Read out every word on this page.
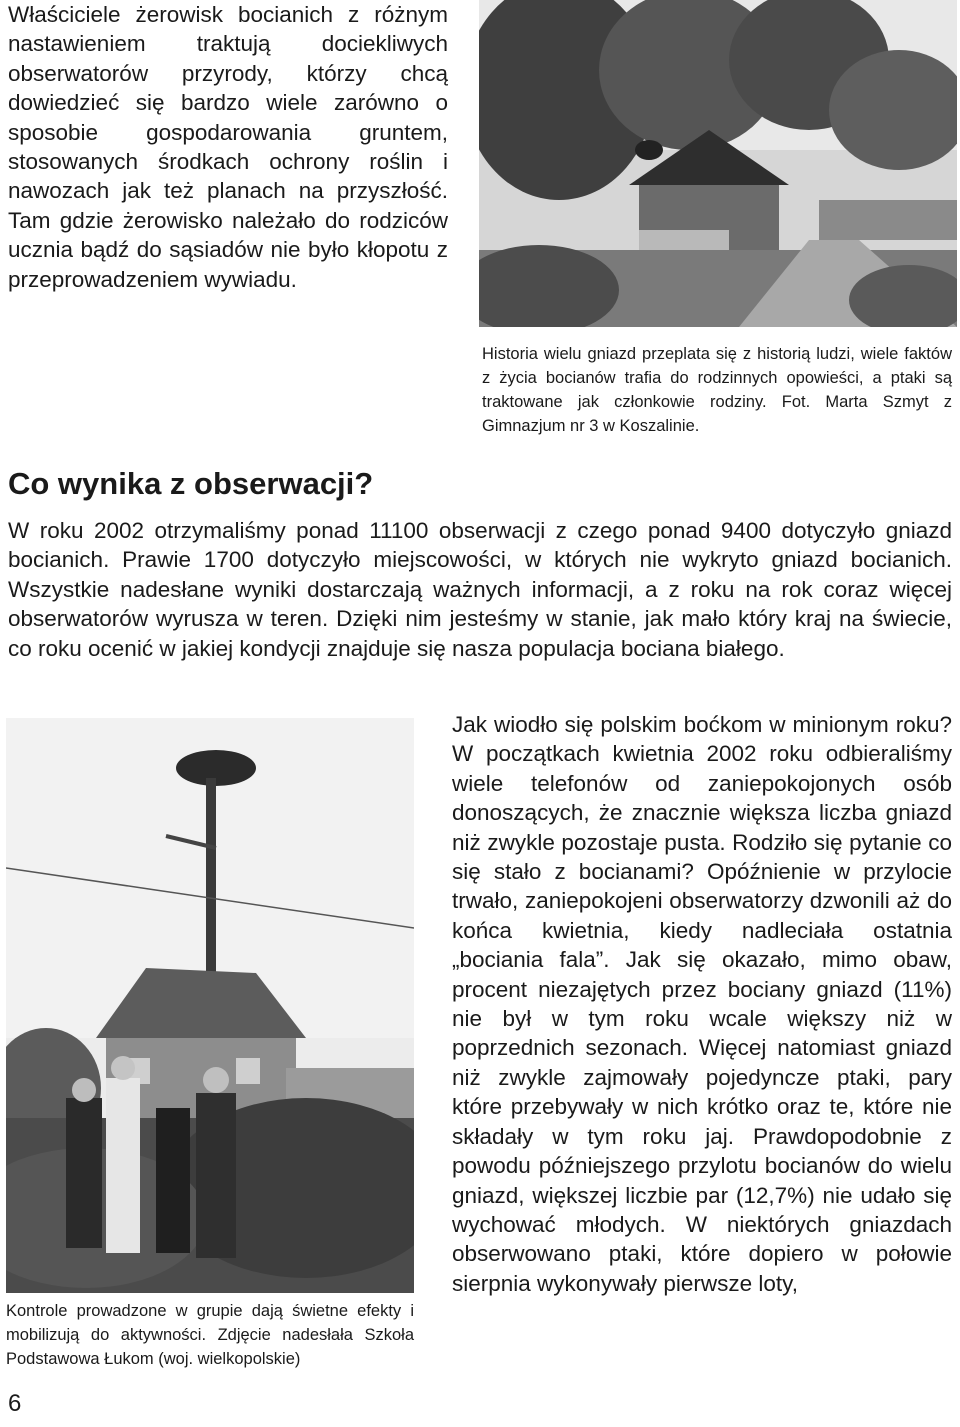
Właściciele żerowisk bocianich z różnym nastawieniem traktują dociekliwych obserwatorów przyrody, którzy chcą dowiedzieć się bardzo wiele zarówno o sposobie gospodarowania gruntem, stosowanych środkach ochrony roślin i nawozach jak też planach na przyszłość. Tam gdzie żerowisko należało do rodziców ucznia bądź do sąsiadów nie było kłopotu z przeprowadzeniem wywiadu.

Historia wielu gniazd przeplata się z historią ludzi, wiele faktów z życia bocianów trafia do rodzinnych opowieści, a ptaki są traktowane jak członkowie rodziny. Fot. Marta Szmyt z Gimnazjum nr 3 w Koszalinie.
Co wynika z obserwacji?

W roku 2002 otrzymaliśmy ponad 11100 obserwacji z czego ponad 9400 dotyczyło gniazd bocianich. Prawie 1700 dotyczyło miejscowości, w których nie wykryto gniazd bocianich. Wszystkie nadesłane wyniki dostarczają ważnych informacji, a z roku na rok coraz więcej obserwatorów wyrusza w teren. Dzięki nim jesteśmy w stanie, jak mało który kraj na świecie, co roku ocenić w jakiej kondycji znajduje się nasza populacja bociana białego.

Kontrole prowadzone w grupie dają świetne efekty i mobilizują do aktywności. Zdjęcie nadesłała Szkoła Podstawowa Łukom (woj. wielkopolskie)

Jak wiodło się polskim boćkom w minionym roku? W początkach kwietnia 2002 roku odbieraliśmy wiele telefonów od zaniepokojonych osób donoszących, że znacznie większa liczba gniazd niż zwykle pozostaje pusta. Rodziło się pytanie co się stało z bocianami? Opóźnienie w przylocie trwało, zaniepokojeni obserwatorzy dzwonili aż do końca kwietnia, kiedy nadleciała ostatnia „bociania fala”. Jak się okazało, mimo obaw, procent niezajętych przez bociany gniazd (11%) nie był w tym roku wcale większy niż w poprzednich sezonach. Więcej natomiast gniazd niż zwykle zajmowały pojedyncze ptaki, pary które przebywały w nich krótko oraz te, które nie składały w tym roku jaj. Prawdopodobnie z powodu późniejszego przylotu bocianów do wielu gniazd, większej liczbie par (12,7%) nie udało się wychować młodych. W niektórych gniazdach obserwowano ptaki, które dopiero w połowie sierpnia wykonywały pierwsze loty,

6
